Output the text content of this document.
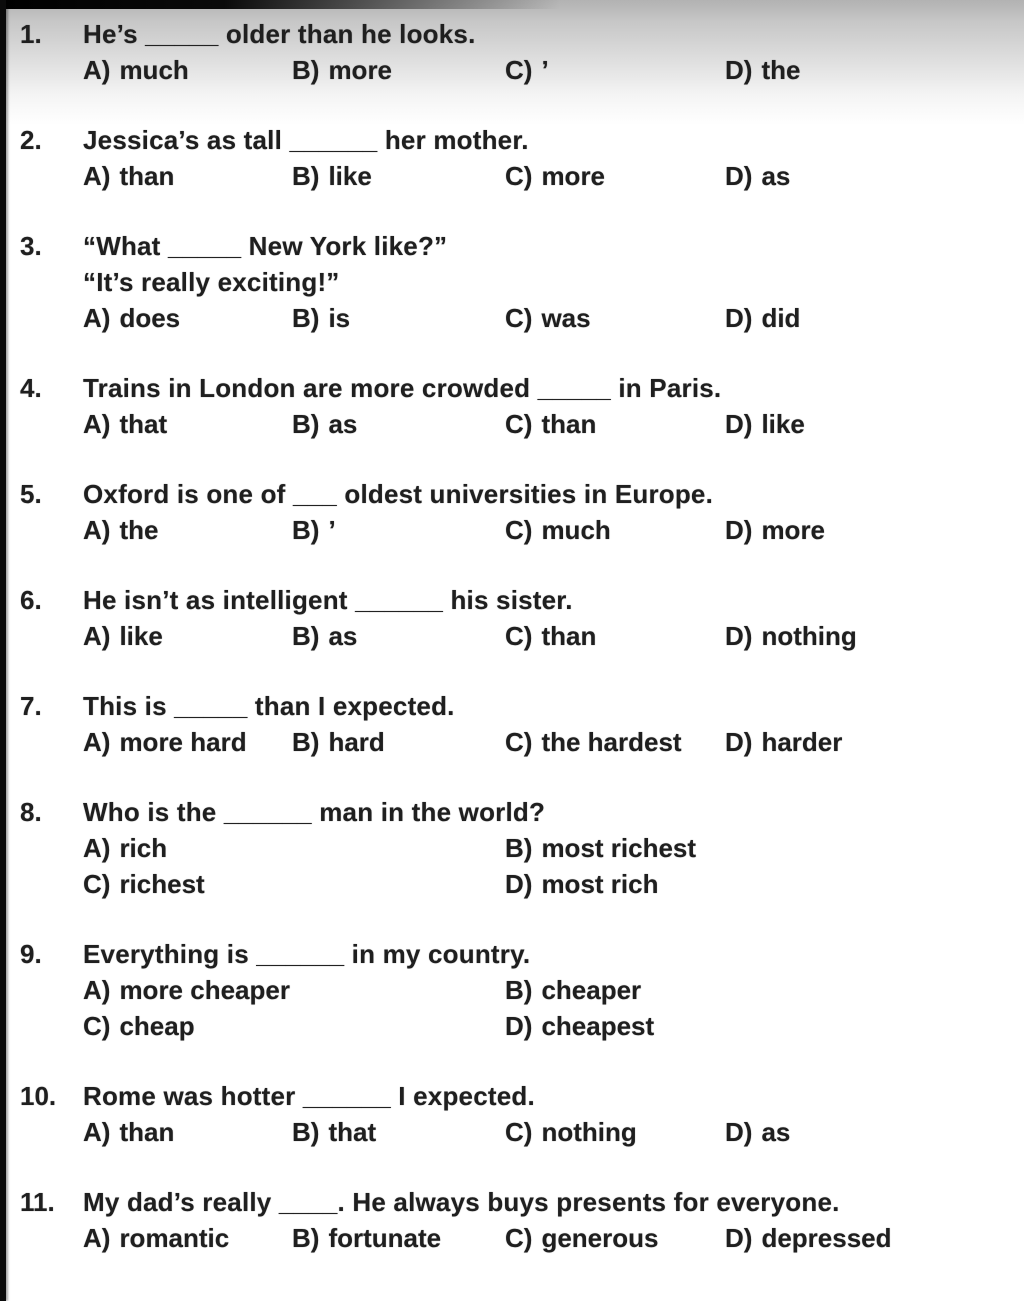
1.	He’s _____ older than he looks.
A) much	B) more	C) ’	D) the
2.	Jessica’s as tall ______ her mother.
A) than	B) like	C) more	D) as
3.	“What _____ New York like?”
“It’s really exciting!”
A) does	B) is	C) was	D) did
4.	Trains in London are more crowded _____ in Paris.
A) that	B) as	C) than	D) like
5.	Oxford is one of ___ oldest universities in Europe.
A) the	B) ’	C) much	D) more
6.	He isn’t as intelligent ______ his sister.
A) like	B) as	C) than	D) nothing
7.	This is _____ than I expected.
A) more hard	B) hard	C) the hardest	D) harder
8.	Who is the ______ man in the world?
A) rich	B) most richest
C) richest	D) most rich
9.	Everything is ______ in my country.
A) more cheaper	B) cheaper
C) cheap	D) cheapest
10.	Rome was hotter ______ I expected.
A) than	B) that	C) nothing	D) as
11.	My dad’s really ____. He always buys presents for everyone.
A) romantic	B) fortunate	C) generous	D) depressed
